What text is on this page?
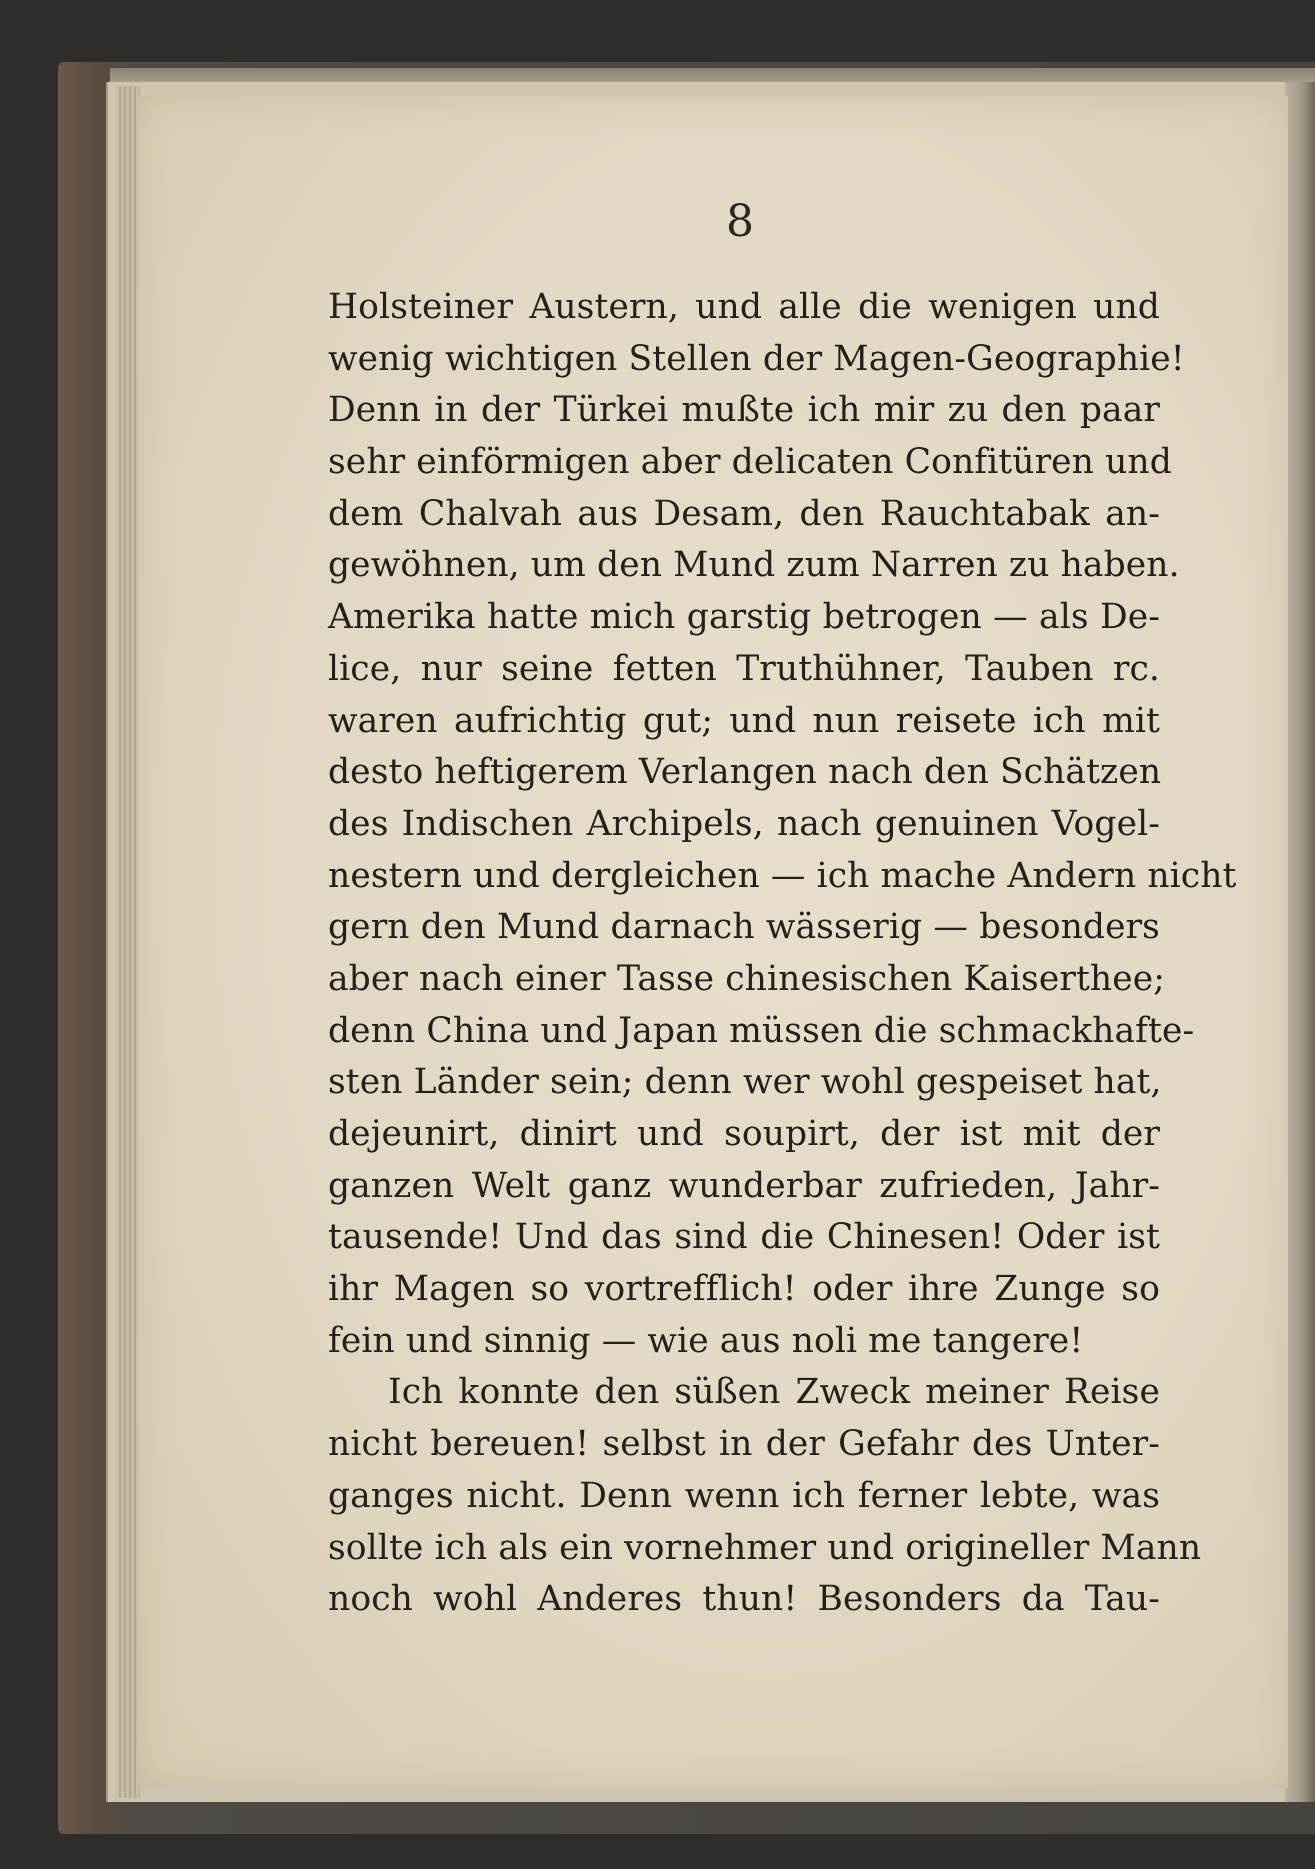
8
Holsteiner Austern, und alle die wenigen und
wenig wichtigen Stellen der Magen-Geographie!
Denn in der Türkei mußte ich mir zu den paar
sehr einförmigen aber delicaten Confitüren und
dem Chalvah aus Desam, den Rauchtabak an-
gewöhnen, um den Mund zum Narren zu haben.
Amerika hatte mich garstig betrogen — als De-
lice, nur seine fetten Truthühner, Tauben rc.
waren aufrichtig gut; und nun reisete ich mit
desto heftigerem Verlangen nach den Schätzen
des Indischen Archipels, nach genuinen Vogel-
nestern und dergleichen — ich mache Andern nicht
gern den Mund darnach wässerig — besonders
aber nach einer Tasse chinesischen Kaiserthee;
denn China und Japan müssen die schmackhafte-
sten Länder sein; denn wer wohl gespeiset hat,
dejeunirt, dinirt und soupirt, der ist mit der
ganzen Welt ganz wunderbar zufrieden, Jahr-
tausende! Und das sind die Chinesen! Oder ist
ihr Magen so vortrefflich! oder ihre Zunge so
fein und sinnig — wie aus noli me tangere!
Ich konnte den süßen Zweck meiner Reise
nicht bereuen! selbst in der Gefahr des Unter-
ganges nicht. Denn wenn ich ferner lebte, was
sollte ich als ein vornehmer und origineller Mann
noch wohl Anderes thun! Besonders da Tau-
